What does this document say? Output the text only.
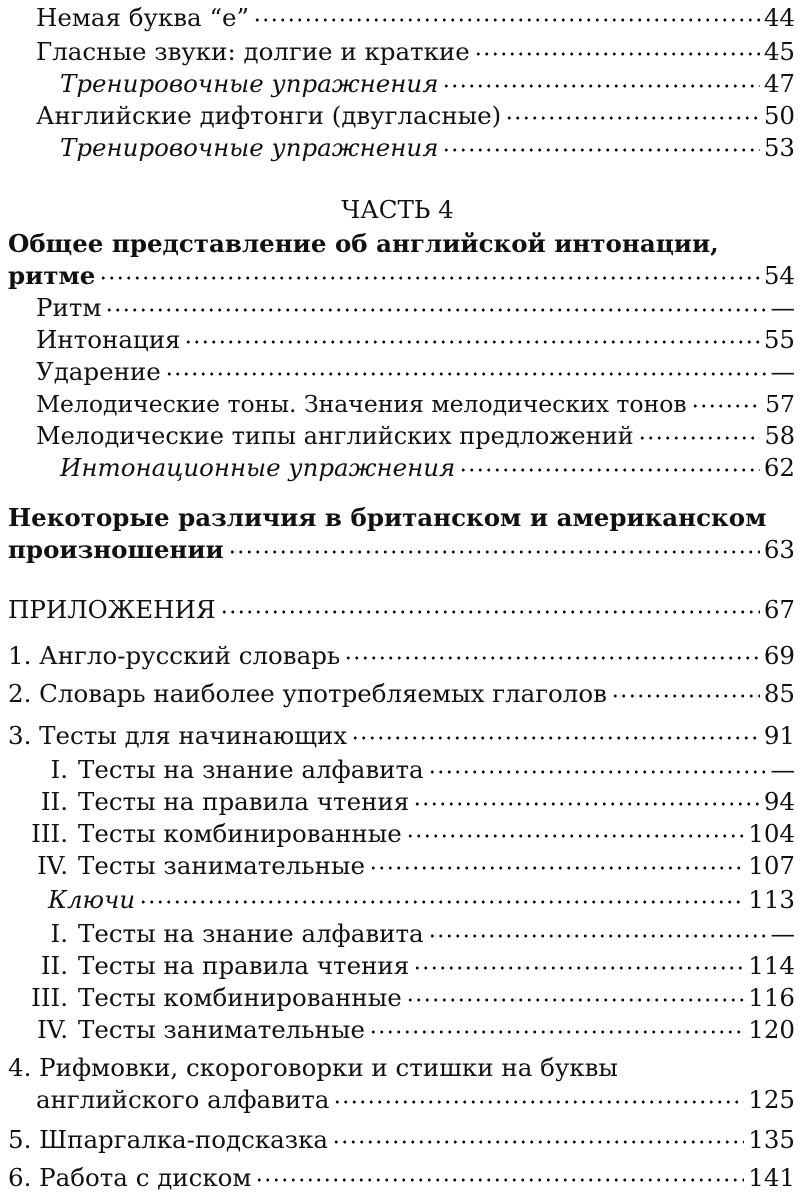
Немая буква “е”	44
Гласные звуки: долгие и краткие	45
Тренировочные упражнения	47
Английские дифтонги (двугласные)	50
Тренировочные упражнения	53
ЧАСТЬ 4
Общее представление об английской интонации,
ритме	54
Ритм	—
Интонация	55
Ударение	—
Мелодические тоны. Значения мелодических тонов	57
Мелодические типы английских предложений	58
Интонационные упражнения	62
Некоторые различия в британском и американском
произношении	63
ПРИЛОЖЕНИЯ	67
1. Англо-русский словарь	69
2. Словарь наиболее употребляемых глаголов	85
3. Тесты для начинающих	91
I. Тесты на знание алфавита	—
II. Тесты на правила чтения	94
III. Тесты комбинированные	104
IV. Тесты занимательные	107
Ключи	113
I. Тесты на знание алфавита	—
II. Тесты на правила чтения	114
III. Тесты комбинированные	116
IV. Тесты занимательные	120
4. Рифмовки, скороговорки и стишки на буквы
английского алфавита	125
5. Шпаргалка-подсказка	135
6. Работа с диском	141
